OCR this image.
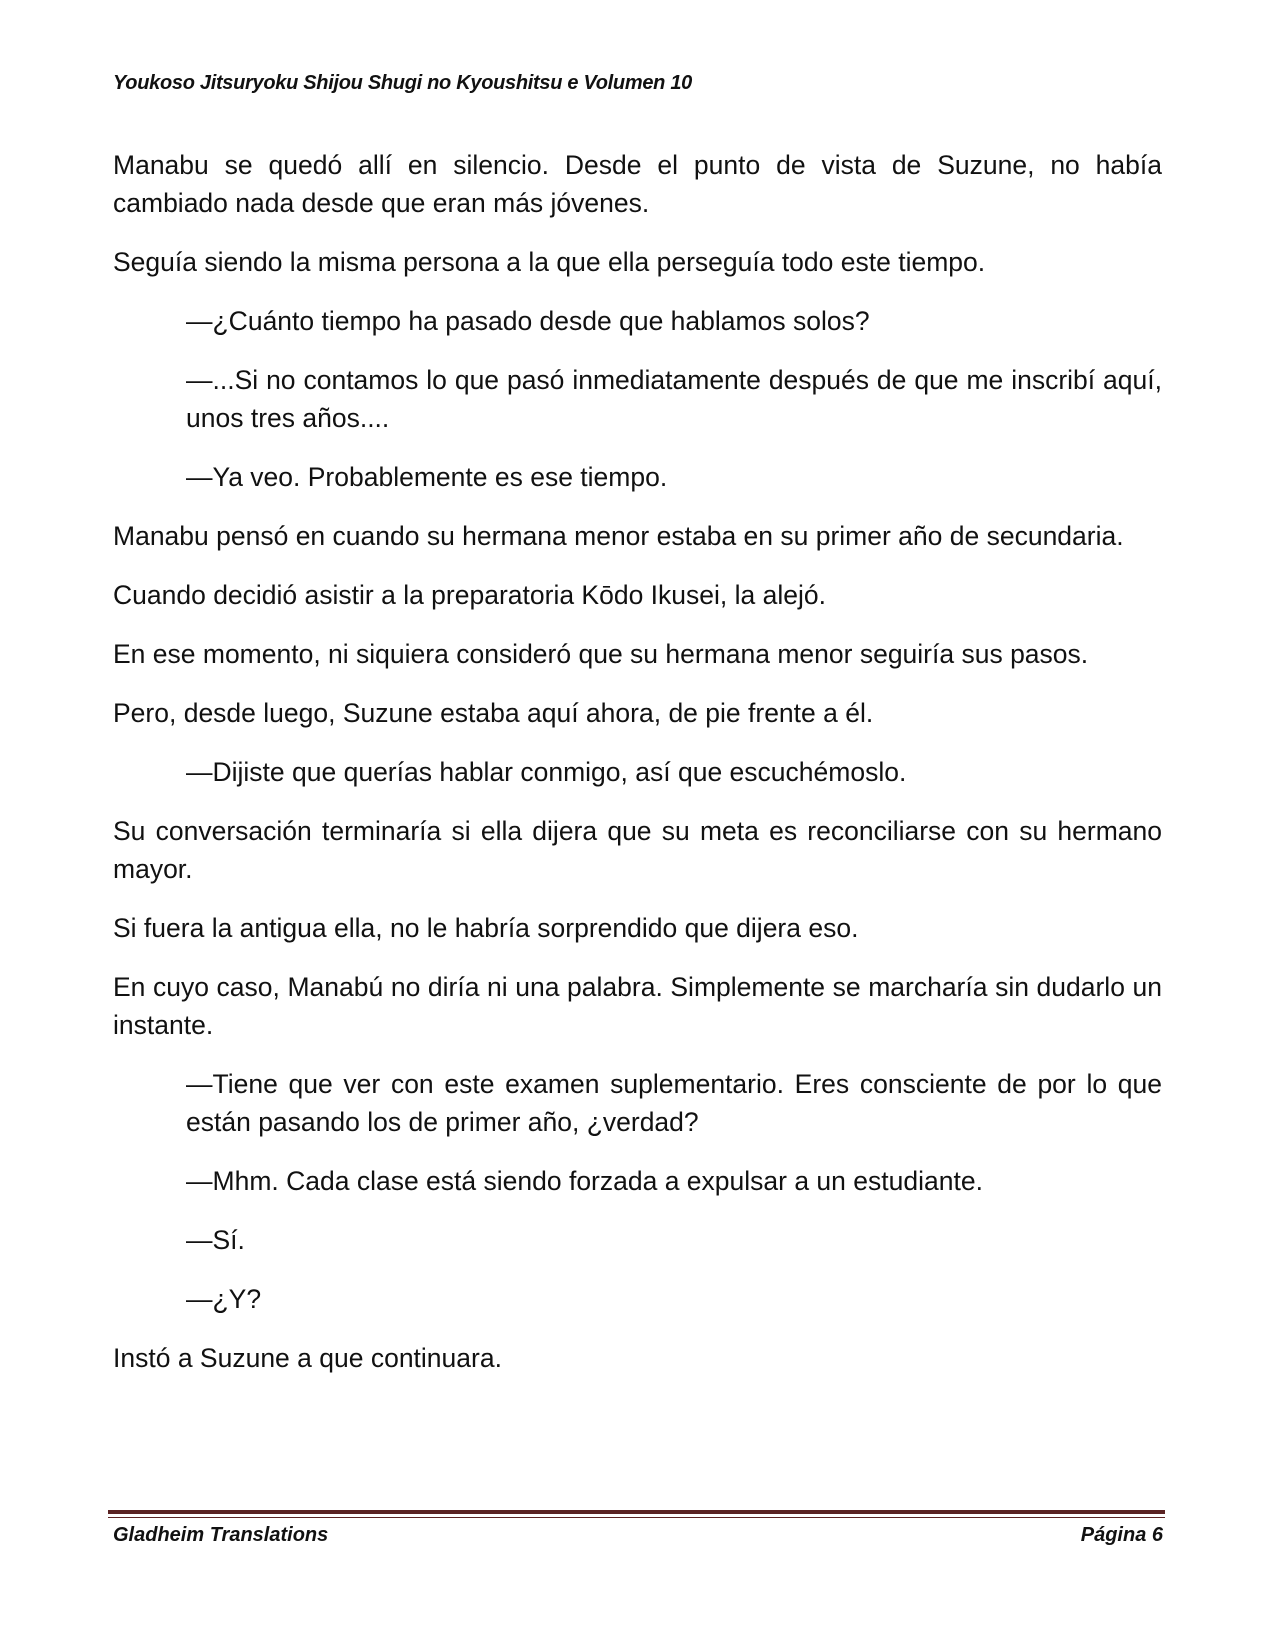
Youkoso Jitsuryoku Shijou Shugi no Kyoushitsu e Volumen 10

Manabu se quedó allí en silencio. Desde el punto de vista de Suzune, no había cambiado nada desde que eran más jóvenes.

Seguía siendo la misma persona a la que ella perseguía todo este tiempo.

—¿Cuánto tiempo ha pasado desde que hablamos solos?

—...Si no contamos lo que pasó inmediatamente después de que me inscribí aquí, unos tres años....

—Ya veo. Probablemente es ese tiempo.

Manabu pensó en cuando su hermana menor estaba en su primer año de secundaria.

Cuando decidió asistir a la preparatoria Kōdo Ikusei, la alejó.

En ese momento, ni siquiera consideró que su hermana menor seguiría sus pasos.

Pero, desde luego, Suzune estaba aquí ahora, de pie frente a él.

—Dijiste que querías hablar conmigo, así que escuchémoslo.

Su conversación terminaría si ella dijera que su meta es reconciliarse con su hermano mayor.

Si fuera la antigua ella, no le habría sorprendido que dijera eso.

En cuyo caso, Manabú no diría ni una palabra. Simplemente se marcharía sin dudarlo un instante.

—Tiene que ver con este examen suplementario. Eres consciente de por lo que están pasando los de primer año, ¿verdad?

—Mhm. Cada clase está siendo forzada a expulsar a un estudiante.

—Sí.

—¿Y?

Instó a Suzune a que continuara.

Gladheim Translations	Página 6
